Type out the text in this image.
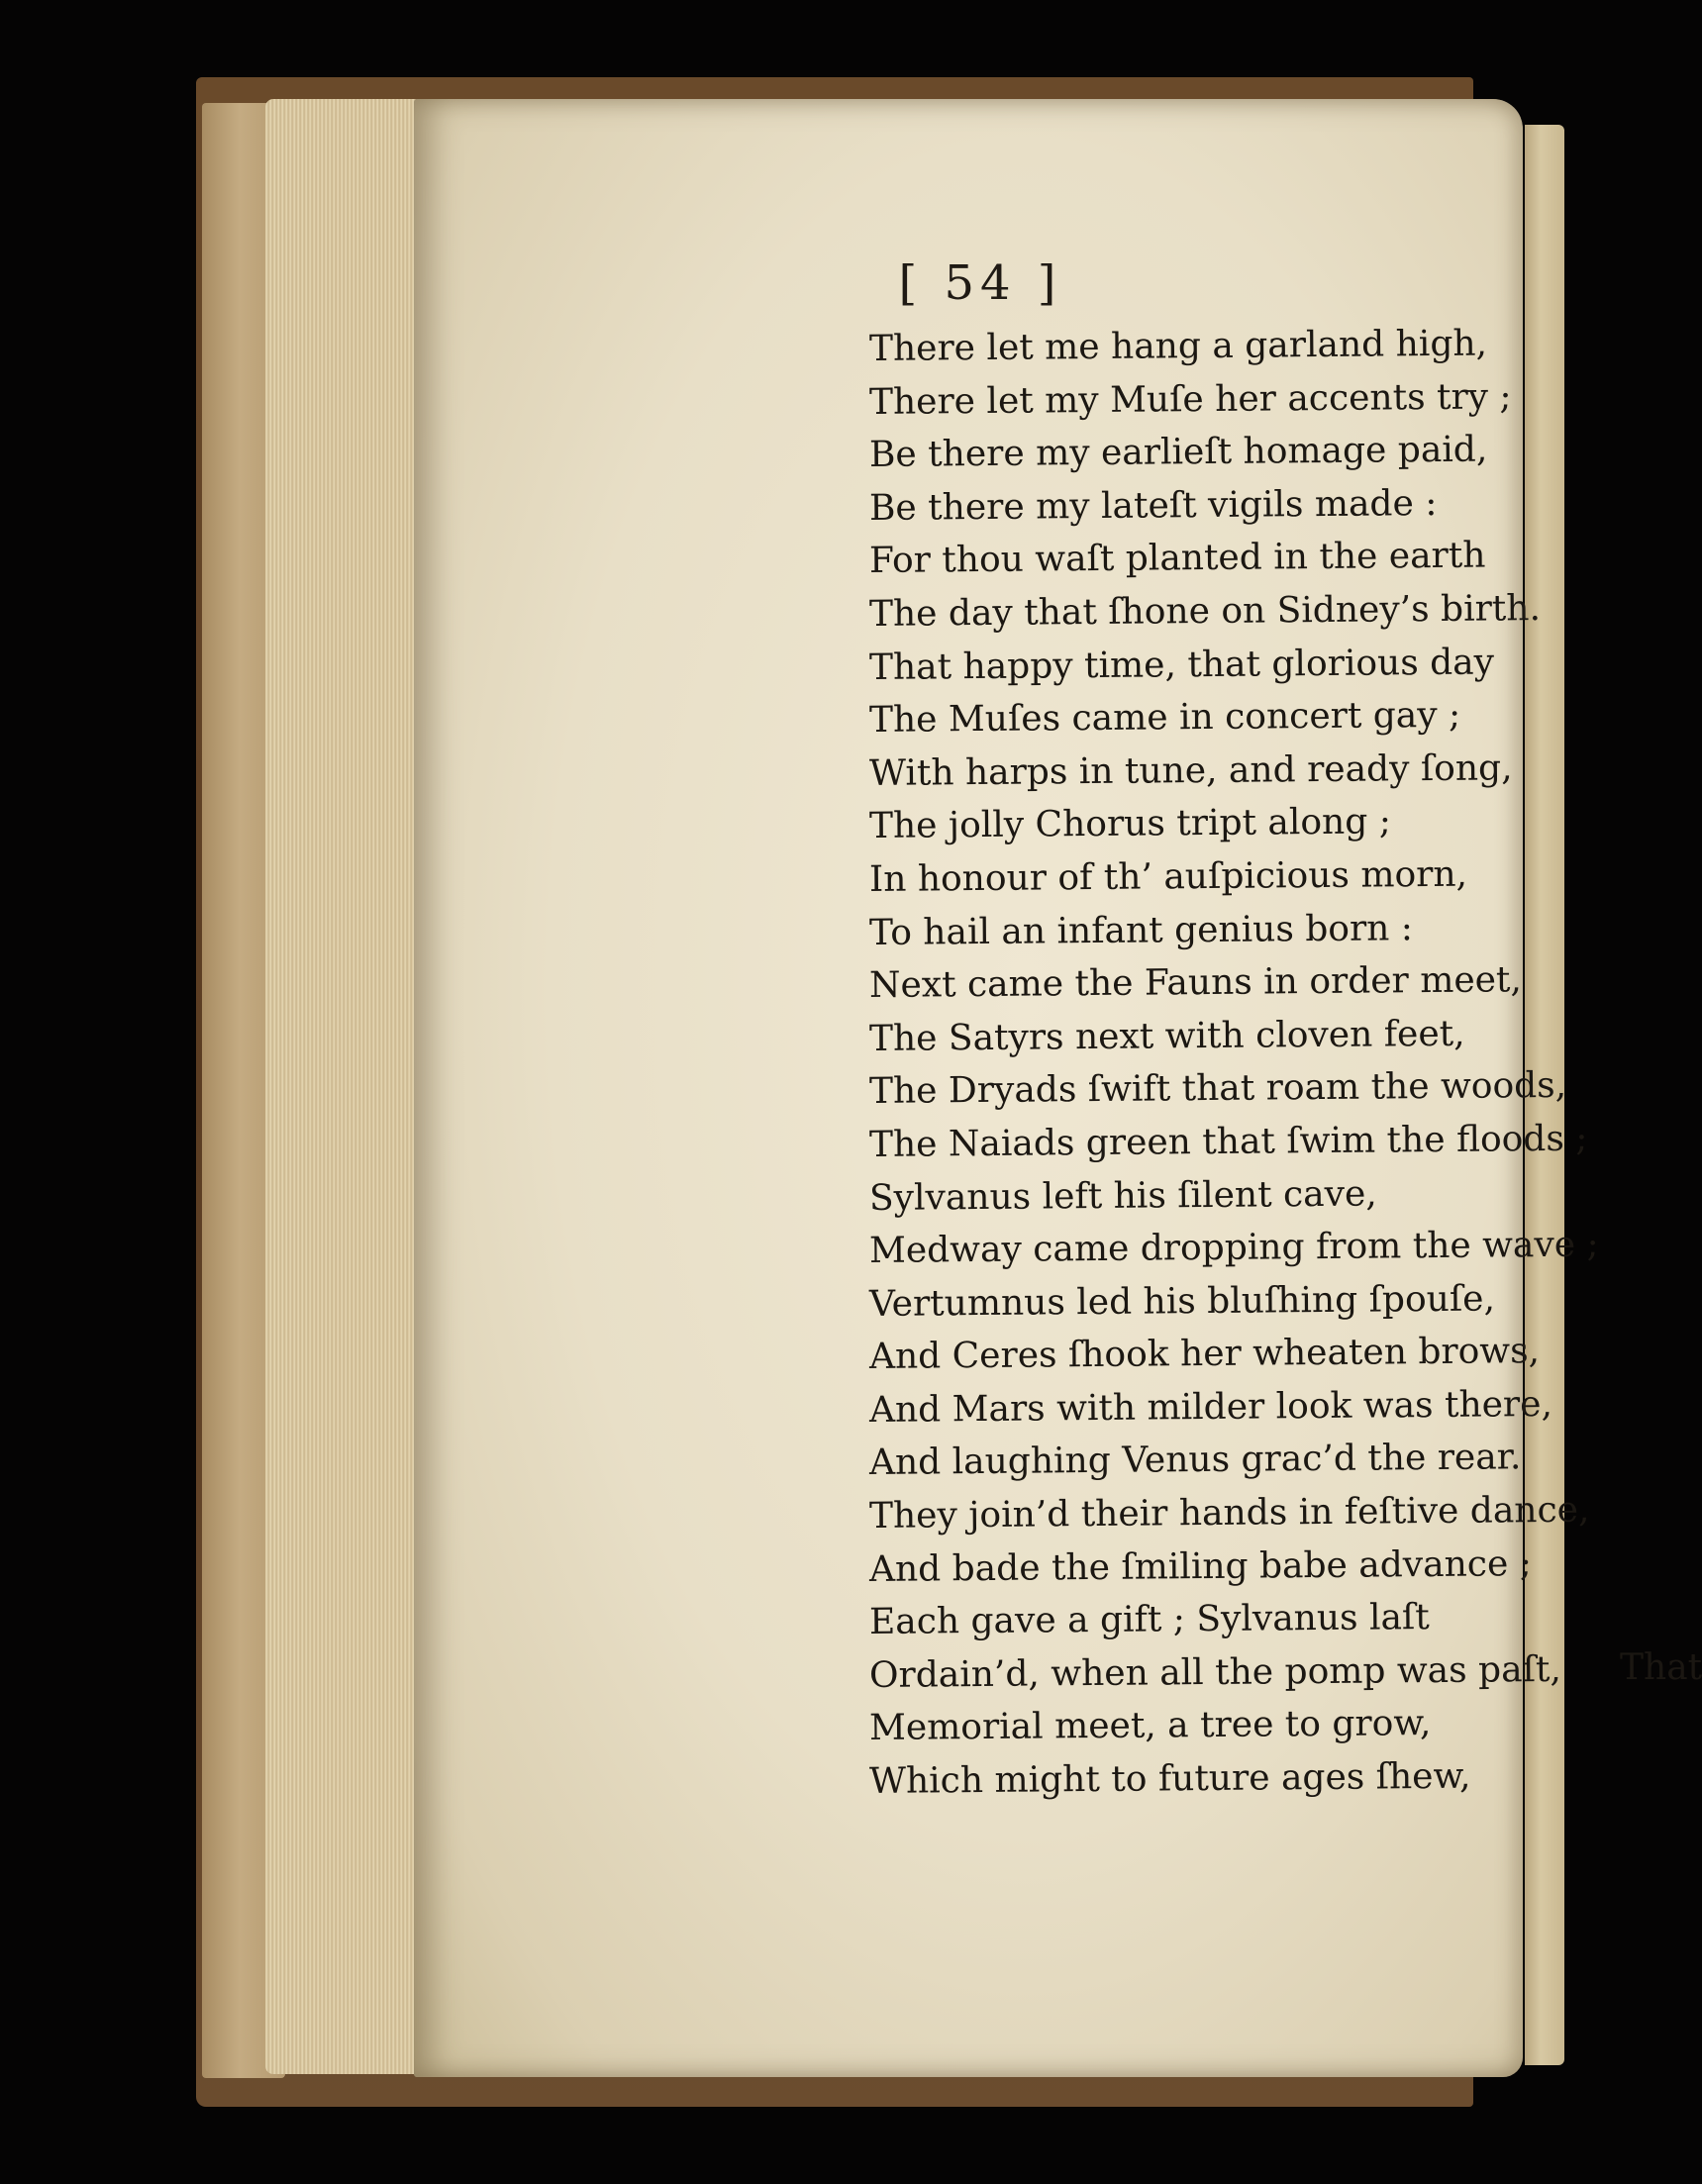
[ 54 ]
There let me hang a garland high,
There let my Muſe her accents try ;
Be there my earlieſt homage paid,
Be there my lateſt vigils made :
For thou waſt planted in the earth
The day that ſhone on Sidney’s birth.
That happy time, that glorious day
The Muſes came in concert gay ;
With harps in tune, and ready ſong,
The jolly Chorus tript along ;
In honour of th’ auſpicious morn,
To hail an infant genius born :
Next came the Fauns in order meet,
The Satyrs next with cloven feet,
The Dryads ſwift that roam the woods,
The Naiads green that ſwim the floods ;
Sylvanus left his ſilent cave,
Medway came dropping from the wave ;
Vertumnus led his bluſhing ſpouſe,
And Ceres ſhook her wheaten brows,
And Mars with milder look was there,
And laughing Venus grac’d the rear.
They join’d their hands in feſtive dance,
And bade the ſmiling babe advance ;
Each gave a gift ; Sylvanus laſt
Ordain’d, when all the pomp was paſt,
Memorial meet, a tree to grow,
Which might to future ages ſhew,
That
